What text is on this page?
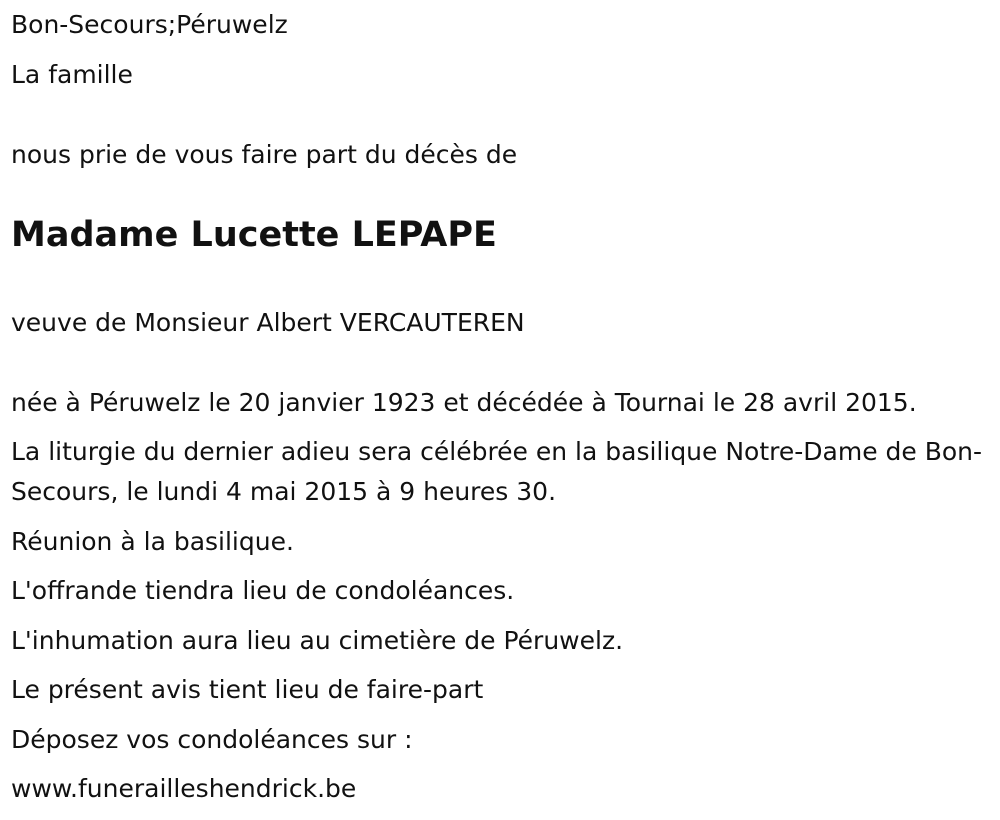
Bon-Secours;Péruwelz
La famille
nous prie de vous faire part du décès de
Madame Lucette LEPAPE
veuve de Monsieur Albert VERCAUTEREN
née à Péruwelz le 20 janvier 1923 et décédée à Tournai le 28 avril 2015.
La liturgie du dernier adieu sera célébrée en la basilique Notre-Dame de Bon-Secours, le lundi 4 mai 2015 à 9 heures 30.
Réunion à la basilique.
L'offrande tiendra lieu de condoléances.
L'inhumation aura lieu au cimetière de Péruwelz.
Le présent avis tient lieu de faire-part
Déposez vos condoléances sur :
www.funerailleshendrick.be
